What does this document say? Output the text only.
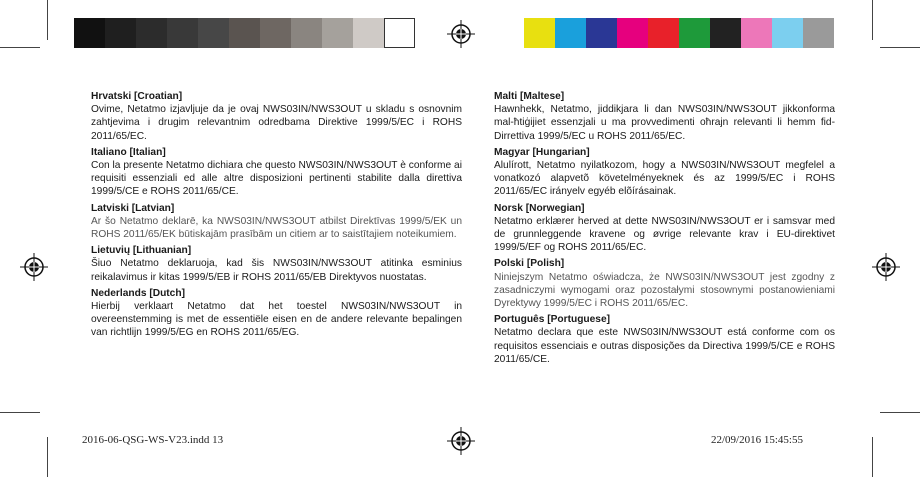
Hrvatski [Croatian]

Ovime, Netatmo izjavljuje da je ovaj NWS03IN/NWS3OUT u skladu s osnovnim zahtjevima i drugim relevantnim odredbama Direktive 1999/5/EC i ROHS 2011/65/EC.

Italiano [Italian]

Con la presente Netatmo dichiara che questo NWS03IN/NWS3OUT è conforme ai requisiti essenziali ed alle altre disposizioni pertinenti stabilite dalla direttiva 1999/5/CE e ROHS 2011/65/CE.

Latviski [Latvian]

Ar šo Netatmo deklarē, ka NWS03IN/NWS3OUT atbilst Direktīvas 1999/5/EK un ROHS 2011/65/EK būtiskajām prasībām un citiem ar to saistītajiem noteikumiem.

Lietuvių [Lithuanian]

Šiuo Netatmo deklaruoja, kad šis NWS03IN/NWS3OUT atitinka esminius reikalavimus ir kitas 1999/5/EB ir ROHS 2011/65/EB Direktyvos nuostatas.

Nederlands [Dutch]

Hierbij verklaart Netatmo dat het toestel NWS03IN/NWS3OUT in overeenstemming is met de essentiële eisen en de andere relevante bepalingen van richtlijn 1999/5/EG en ROHS 2011/65/EG.

Malti [Maltese]

Hawnhekk, Netatmo, jiddikjara li dan NWS03IN/NWS3OUT jikkonforma mal-ħtiġijiet essenzjali u ma provvedimenti oħrajn relevanti li hemm fid-Dirrettiva 1999/5/EC u ROHS 2011/65/EC.

Magyar [Hungarian]

Alulírott, Netatmo nyilatkozom, hogy a NWS03IN/NWS3OUT megfelel a vonatkozó alapvetõ követelményeknek és az 1999/5/EC i ROHS 2011/65/EC irányelv egyéb elõírásainak.

Norsk [Norwegian]

Netatmo erklærer herved at dette NWS03IN/NWS3OUT er i samsvar med de grunnleggende kravene og øvrige relevante krav i EU-direktivet 1999/5/EF og ROHS 2011/65/EC.

Polski [Polish]

Niniejszym Netatmo oświadcza, że NWS03IN/NWS3OUT jest zgodny z zasadniczymi wymogami oraz pozostałymi stosownymi postanowieniami Dyrektywy 1999/5/EC i ROHS 2011/65/EC.

Português [Portuguese]

Netatmo declara que este NWS03IN/NWS3OUT está conforme com os requisitos essenciais e outras disposições da Directiva 1999/5/CE e ROHS 2011/65/CE.

2016-06-QSG-WS-V23.indd 13	22/09/2016 15:45:55
